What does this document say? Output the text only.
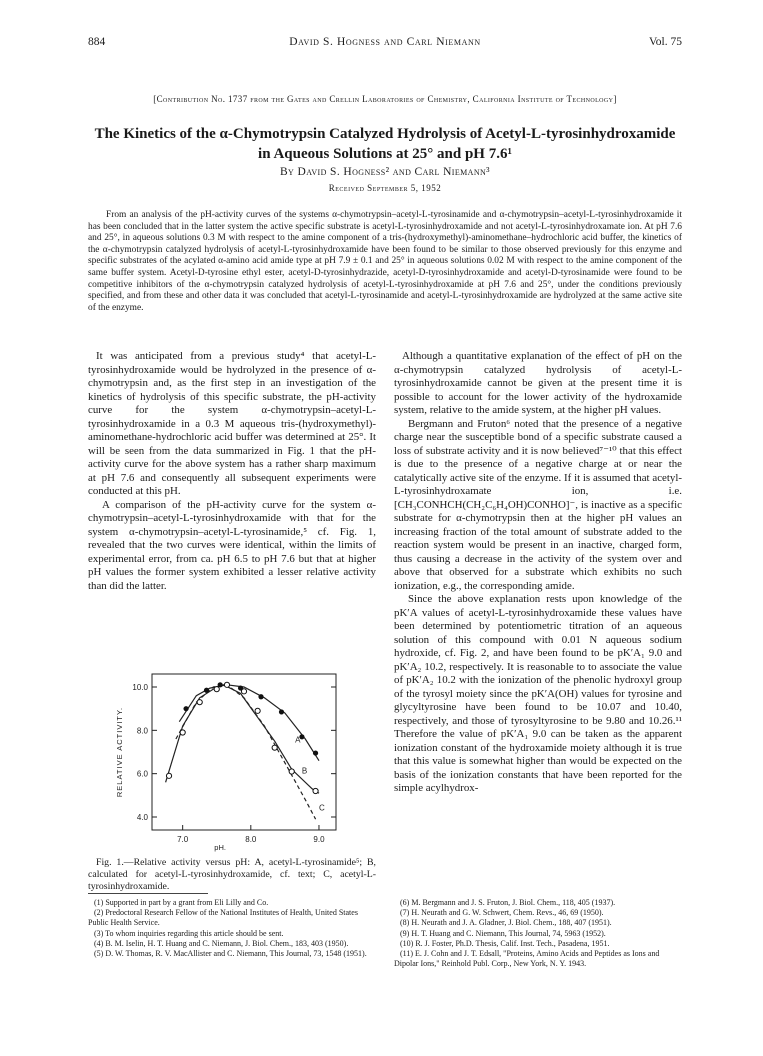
884	David S. Hogness and Carl Niemann	Vol. 75
[Contribution No. 1737 from the Gates and Crellin Laboratories of Chemistry, California Institute of Technology]
The Kinetics of the α-Chymotrypsin Catalyzed Hydrolysis of Acetyl-L-tyrosinhydroxamide in Aqueous Solutions at 25° and pH 7.6¹
By David S. Hogness² and Carl Niemann³
Received September 5, 1952

From an analysis of the pH-activity curves of the systems α-chymotrypsin–acetyl-L-tyrosinamide and α-chymotrypsin–acetyl-L-tyrosinhydroxamide it has been concluded that in the latter system the active specific substrate is acetyl-L-tyrosinhydroxamide and not acetyl-L-tyrosinhydroxamate ion. At pH 7.6 and 25°, in aqueous solutions 0.3 M with respect to the amine component of a tris-(hydroxymethyl)-aminomethane–hydrochloric acid buffer, the kinetics of the α-chymotrypsin catalyzed hydrolysis of acetyl-L-tyrosinhydroxamide have been found to be similar to those observed previously for this enzyme and specific substrates of the acylated α-amino acid amide type at pH 7.9 ± 0.1 and 25° in aqueous solutions 0.02 M with respect to the amine component of the same buffer system. Acetyl-D-tyrosine ethyl ester, acetyl-D-tyrosinhydrazide, acetyl-D-tyrosinhydroxamide and acetyl-D-tyrosinamide were found to be competitive inhibitors of the α-chymotrypsin catalyzed hydrolysis of acetyl-L-tyrosinhydroxamide at pH 7.6 and 25°, under the conditions previously specified, and from these and other data it was concluded that acetyl-L-tyrosinamide and acetyl-L-tyrosinhydroxamide are hydrolyzed at the same active site of the enzyme.

It was anticipated from a previous study⁴ that acetyl-L-tyrosinhydroxamide would be hydrolyzed in the presence of α-chymotrypsin and, as the first step in an investigation of the kinetics of hydrolysis of this specific substrate, the pH-activity curve for the system α-chymotrypsin–acetyl-L-tyrosinhydroxamide in a 0.3 M aqueous tris-(hydroxymethyl)-aminomethane-hydrochloric acid buffer was determined at 25°. It will be seen from the data summarized in Fig. 1 that the pH-activity curve for the above system has a rather sharp maximum at pH 7.6 and consequently all subsequent experiments were conducted at this pH.

A comparison of the pH-activity curve for the system α-chymotrypsin–acetyl-L-tyrosinhydroxamide with that for the system α-chymotrypsin–acetyl-L-tyrosinamide,⁵ cf. Fig. 1, revealed that the two curves were identical, within the limits of experimental error, from ca. pH 6.5 to pH 7.6 but that at higher pH values the former system exhibited a lesser relative activity than did the latter.

Although a quantitative explanation of the effect of pH on the α-chymotrypsin catalyzed hydrolysis of acetyl-L-tyrosinhydroxamide cannot be given at the present time it is possible to account for the lower activity of the hydroxamide system, relative to the amide system, at the higher pH values.

Bergmann and Fruton⁶ noted that the presence of a negative charge near the susceptible bond of a specific substrate caused a loss of substrate activity and it is now believed⁷⁻¹⁰ that this effect is due to the presence of a negative charge at or near the catalytically active site of the enzyme. If it is assumed that acetyl-L-tyrosinhydroxamate ion, i.e. [CH₃CONHCH(CH₂C₆H₄OH)CONHO]⁻, is inactive as a specific substrate for α-chymotrypsin then at the higher pH values an increasing fraction of the total amount of substrate added to the reaction system would be present in an inactive, charged form, thus causing a decrease in the activity of the system over and above that observed for a substrate which exhibits no such ionization, e.g., the corresponding amide.

Since the above explanation rests upon knowledge of the pK′A values of acetyl-L-tyrosinhydroxamide these values have been determined by potentiometric titration of an aqueous solution of this compound with 0.01 N aqueous sodium hydroxide, cf. Fig. 2, and have been found to be pK′A₁ 9.0 and pK′A₂ 10.2, respectively. It is reasonable to to associate the value of pK′A₂ 10.2 with the ionization of the phenolic hydroxyl group of the tyrosyl moiety since the pK′A(OH) values for tyrosine and glycyltyrosine have been found to be 10.07 and 10.40, respectively, and those of tyrosyltyrosine to be 9.80 and 10.26.¹¹ Therefore the value of pK′A₁ 9.0 can be taken as the apparent ionization constant of the hydroxamide moiety although it is true that this value is somewhat higher than would be expected on the basis of the ionization constants that have been reported for the simple acylhydrox-

7.0	8.0	9.0
4.0
6.0
8.0
10.0
pH.
RELATIVE ACTIVITY.	A
B
C

Fig. 1.—Relative activity versus pH: A, acetyl-L-tyrosinamide⁵; B, calculated for acetyl-L-tyrosinhydroxamide, cf. text; C, acetyl-L-tyrosinhydroxamide.

(1) Supported in part by a grant from Eli Lilly and Co.
(2) Predoctoral Research Fellow of the National Institutes of Health, United States Public Health Service.
(3) To whom inquiries regarding this article should be sent.
(4) B. M. Iselin, H. T. Huang and C. Niemann, J. Biol. Chem., 183, 403 (1950).
(5) D. W. Thomas, R. V. MacAllister and C. Niemann, This Journal, 73, 1548 (1951).
(6) M. Bergmann and J. S. Fruton, J. Biol. Chem., 118, 405 (1937).
(7) H. Neurath and G. W. Schwert, Chem. Revs., 46, 69 (1950).
(8) H. Neurath and J. A. Gladner, J. Biol. Chem., 188, 407 (1951).
(9) H. T. Huang and C. Niemann, This Journal, 74, 5963 (1952).
(10) R. J. Foster, Ph.D. Thesis, Calif. Inst. Tech., Pasadena, 1951.
(11) E. J. Cohn and J. T. Edsall, "Proteins, Amino Acids and Peptides as Ions and Dipolar Ions," Reinhold Publ. Corp., New York, N. Y. 1943.
